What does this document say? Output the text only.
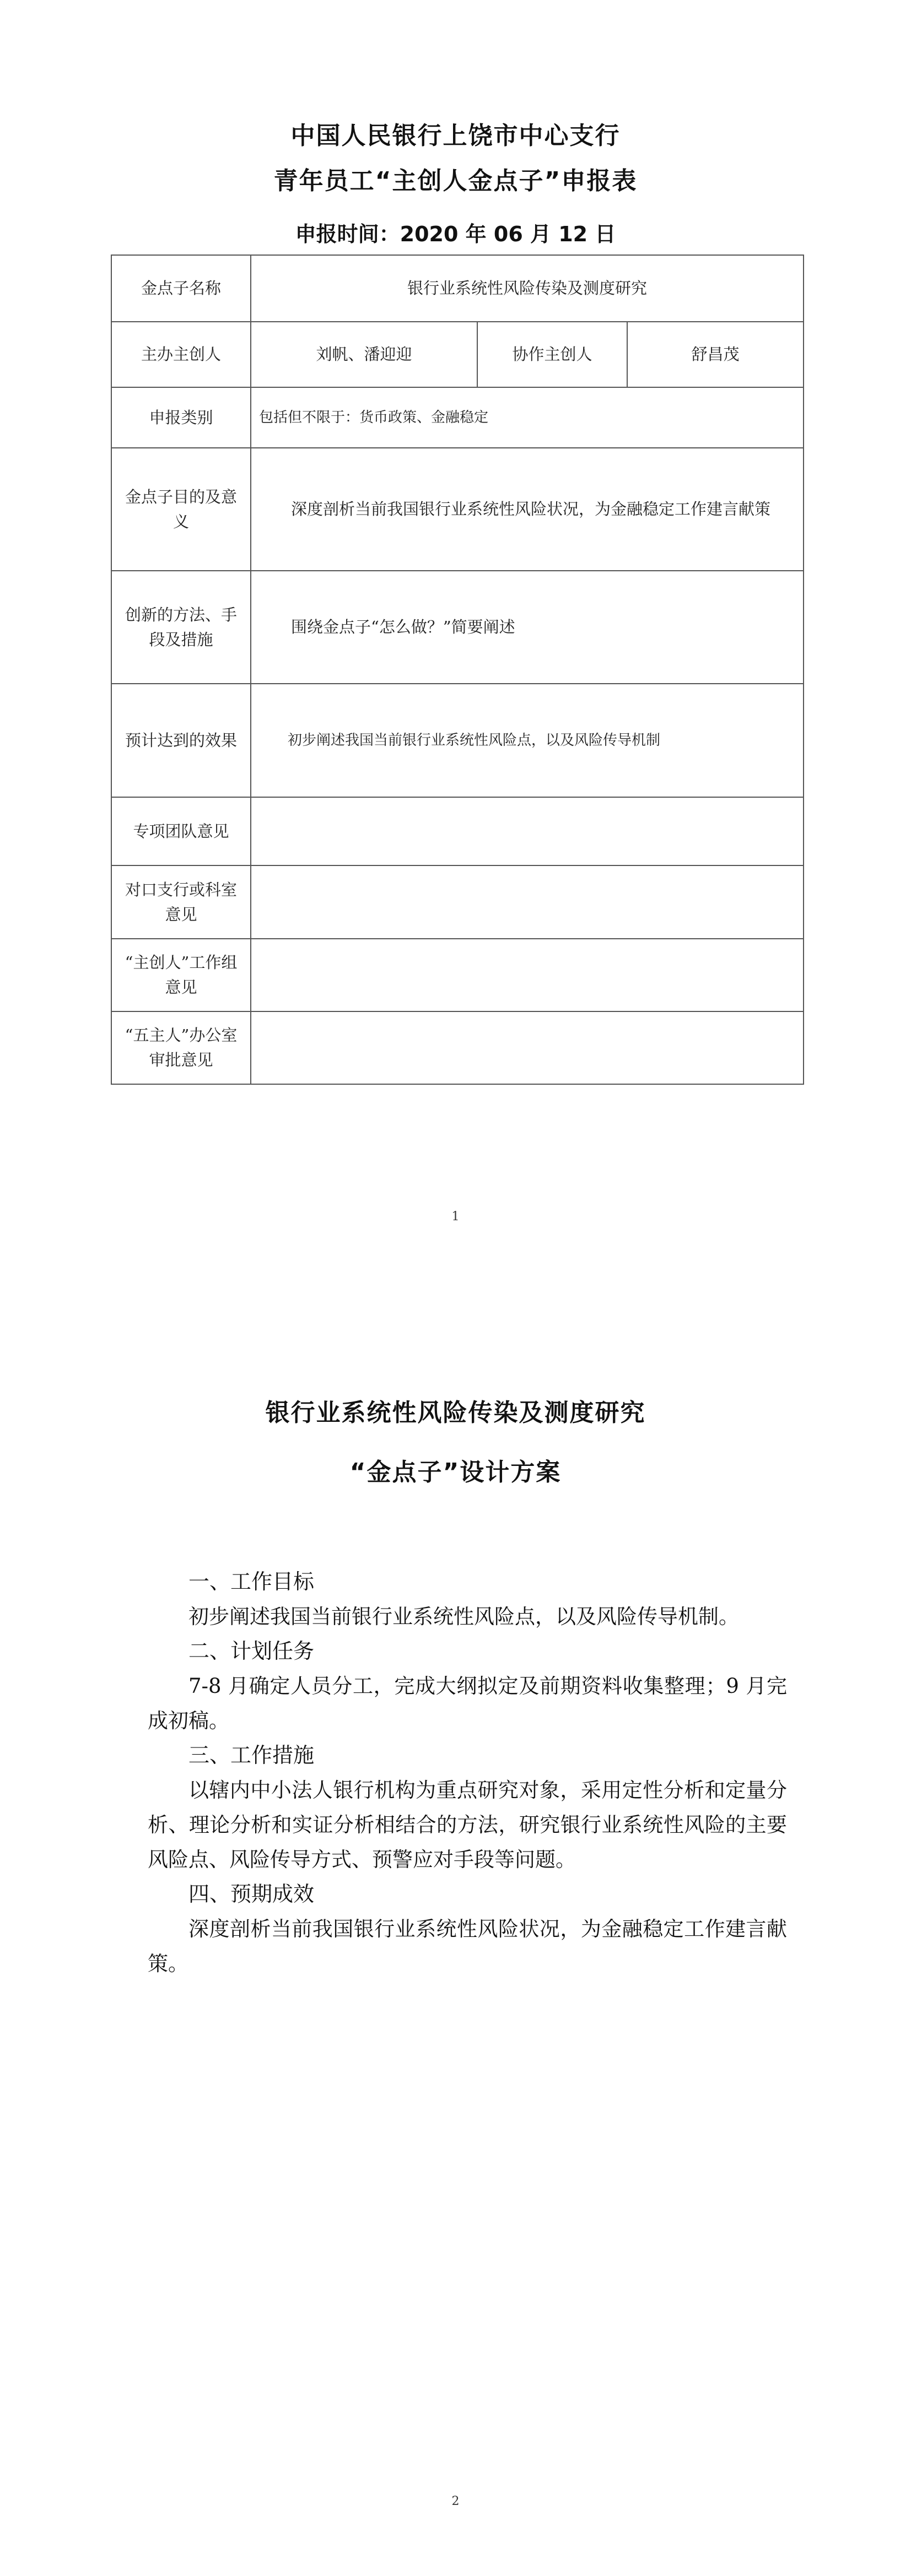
中国人民银行上饶市中心支行
青年员工“主创人金点子”申报表
申报时间：2020 年 06 月 12 日
金点子名称	银行业系统性风险传染及测度研究		
主办主创人	刘帆、潘迎迎	协作主创人	舒昌茂
申报类别	包括但不限于：货币政策、金融稳定		
金点子目的及意义	深度剖析当前我国银行业系统性风险状况，为金融稳定工作建言献策		

创新的方法、手段及措施	围绕金点子“怎么做？”简要阐述		

预计达到的效果	初步阐述我国当前银行业系统性风险点，以及风险传导机制		

专项团队意见			
对口支行或科室意见			
“主创人”工作组意见			
“五主人”办公室审批意见			
1
银行业系统性风险传染及测度研究
“金点子”设计方案
一、工作目标
初步阐述我国当前银行业系统性风险点，以及风险传导机制。
二、计划任务
7-8 月确定人员分工，完成大纲拟定及前期资料收集整理；9 月完成初稿。
三、工作措施
以辖内中小法人银行机构为重点研究对象，采用定性分析和定量分析、理论分析和实证分析相结合的方法，研究银行业系统性风险的主要风险点、风险传导方式、预警应对手段等问题。
四、预期成效
深度剖析当前我国银行业系统性风险状况，为金融稳定工作建言献策。
2
